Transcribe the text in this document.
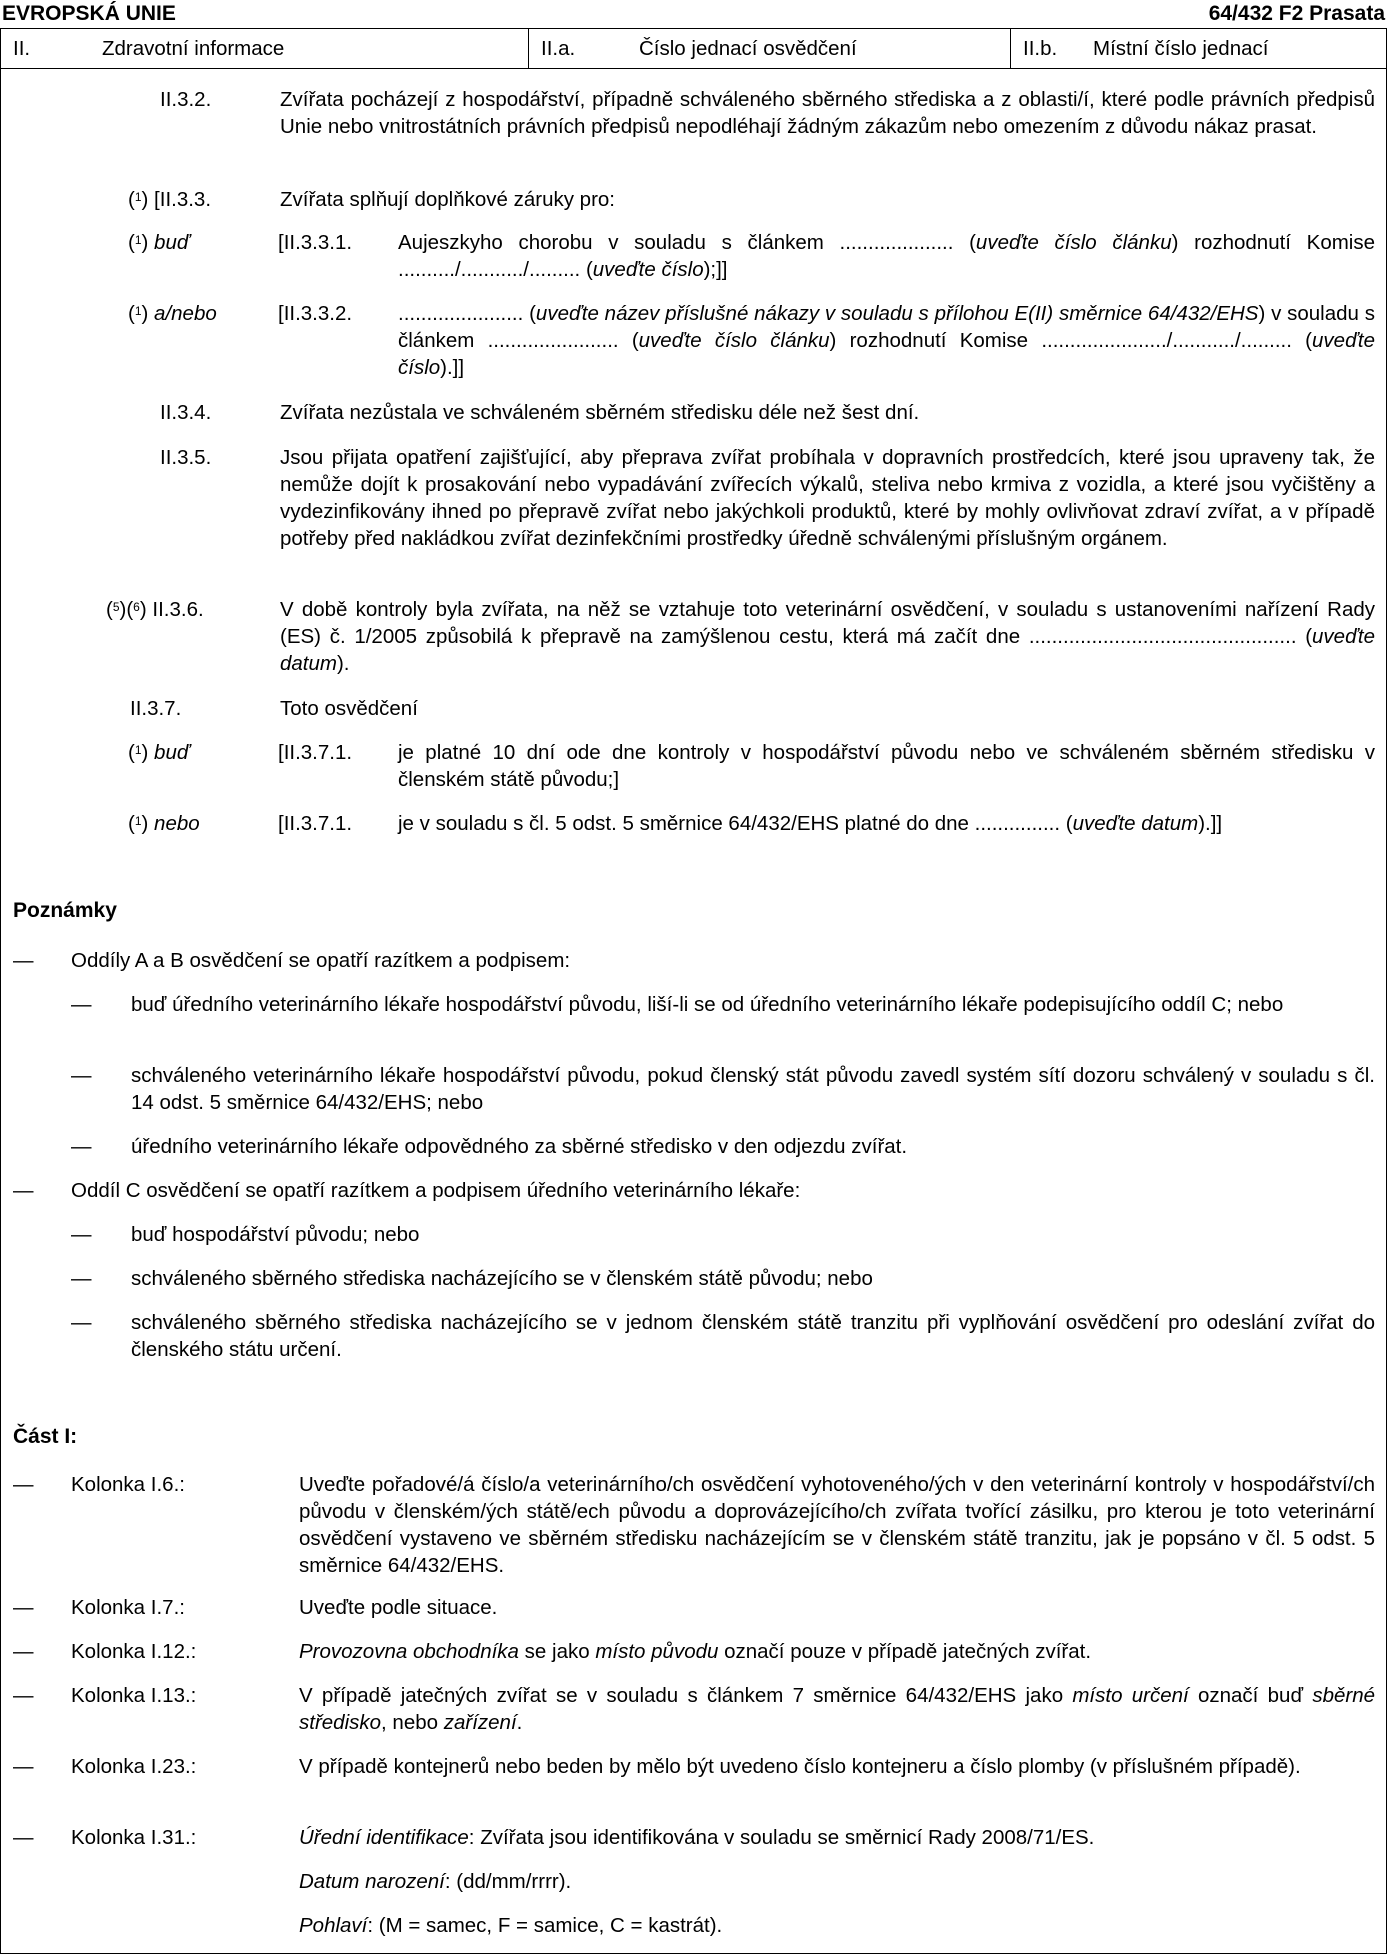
EVROPSKÁ UNIE	64/432 F2 Prasata
II.	Zdravotní informace	II.a.	Číslo jednací osvědčení	II.b. Místní číslo jednací
II.3.2.	Zvířata pocházejí z hospodářství, případně schváleného sběrného střediska a z oblasti/í, které podle právních předpisů Unie nebo vnitrostátních právních předpisů nepodléhají žádným zákazům nebo omezením z důvodu nákaz prasat.
($^1$) [II.3.3.	Zvířata splňují doplňkové záruky pro:
($^1$) buď	[II.3.3.1. Aujeszkyho chorobu v souladu s článkem .................... (uveďte číslo článku) rozhodnutí Komise ........../.........../......... (uveďte číslo);]]
($^1$) a/nebo	[II.3.3.2. ...................... (uveďte název příslušné nákazy v souladu s přílohou E(II) směrnice 64/432/EHS) v souladu s článkem ....................... (uveďte číslo článku) rozhodnutí Komise ....................../.........../......... (uveďte číslo).]]
II.3.4.	Zvířata nezůstala ve schváleném sběrném středisku déle než šest dní.
II.3.5.	Jsou přijata opatření zajišťující, aby přeprava zvířat probíhala v dopravních prostředcích, které jsou upraveny tak, že nemůže dojít k prosakování nebo vypadávání zvířecích výkalů, steliva nebo krmiva z vozidla, a které jsou vyčištěny a vydezinfikovány ihned po přepravě zvířat nebo jakýchkoli produktů, které by mohly ovlivňovat zdraví zvířat, a v případě potřeby před nakládkou zvířat dezinfekčními prostředky úředně schválenými příslušným orgánem.
($^5$)($^6$) II.3.6.	V době kontroly byla zvířata, na něž se vztahuje toto veterinární osvědčení, v souladu s ustanoveními nařízení Rady (ES) č. 1/2005 způsobilá k přepravě na zamýšlenou cestu, která má začít dne ............................................... (uveďte datum).
II.3.7.	Toto osvědčení
($^1$) buď	[II.3.7.1. je platné 10 dní ode dne kontroly v hospodářství původu nebo ve schváleném sběrném středisku v členském státě původu;]
($^1$) nebo	[II.3.7.1. je v souladu s čl. 5 odst. 5 směrnice 64/432/EHS platné do dne ............... (uveďte datum).]]
Poznámky
— Oddíly A a B osvědčení se opatří razítkem a podpisem:
— buď úředního veterinárního lékaře hospodářství původu, liší-li se od úředního veterinárního lékaře podepisujícího oddíl C; nebo
— schváleného veterinárního lékaře hospodářství původu, pokud členský stát původu zavedl systém sítí dozoru schválený v souladu s čl. 14 odst. 5 směrnice 64/432/EHS; nebo
— úředního veterinárního lékaře odpovědného za sběrné středisko v den odjezdu zvířat.
— Oddíl C osvědčení se opatří razítkem a podpisem úředního veterinárního lékaře:
— buď hospodářství původu; nebo
— schváleného sběrného střediska nacházejícího se v členském státě původu; nebo
— schváleného sběrného střediska nacházejícího se v jednom členském státě tranzitu při vyplňování osvědčení pro odeslání zvířat do členského státu určení.
Část I:
— Kolonka I.6.:	Uveďte pořadové/á číslo/a veterinárního/ch osvědčení vyhotoveného/ých v den veterinární kontroly v hospodářství/ch původu v členském/ých státě/ech původu a doprovázejícího/ch zvířata tvořící zásilku, pro kterou je toto veterinární osvědčení vystaveno ve sběrném středisku nacházejícím se v členském státě tranzitu, jak je popsáno v čl. 5 odst. 5 směrnice 64/432/EHS.
— Kolonka I.7.:	Uveďte podle situace.
— Kolonka I.12.:	Provozovna obchodníka se jako místo původu označí pouze v případě jatečných zvířat.
— Kolonka I.13.:	V případě jatečných zvířat se v souladu s článkem 7 směrnice 64/432/EHS jako místo určení označí buď sběrné středisko, nebo zařízení.
— Kolonka I.23.:	V případě kontejnerů nebo beden by mělo být uvedeno číslo kontejneru a číslo plomby (v příslušném případě).
— Kolonka I.31.:	Úřední identifikace: Zvířata jsou identifikována v souladu se směrnicí Rady 2008/71/ES.
Datum narození: (dd/mm/rrrr).
Pohlaví: (M = samec, F = samice, C = kastrát).
